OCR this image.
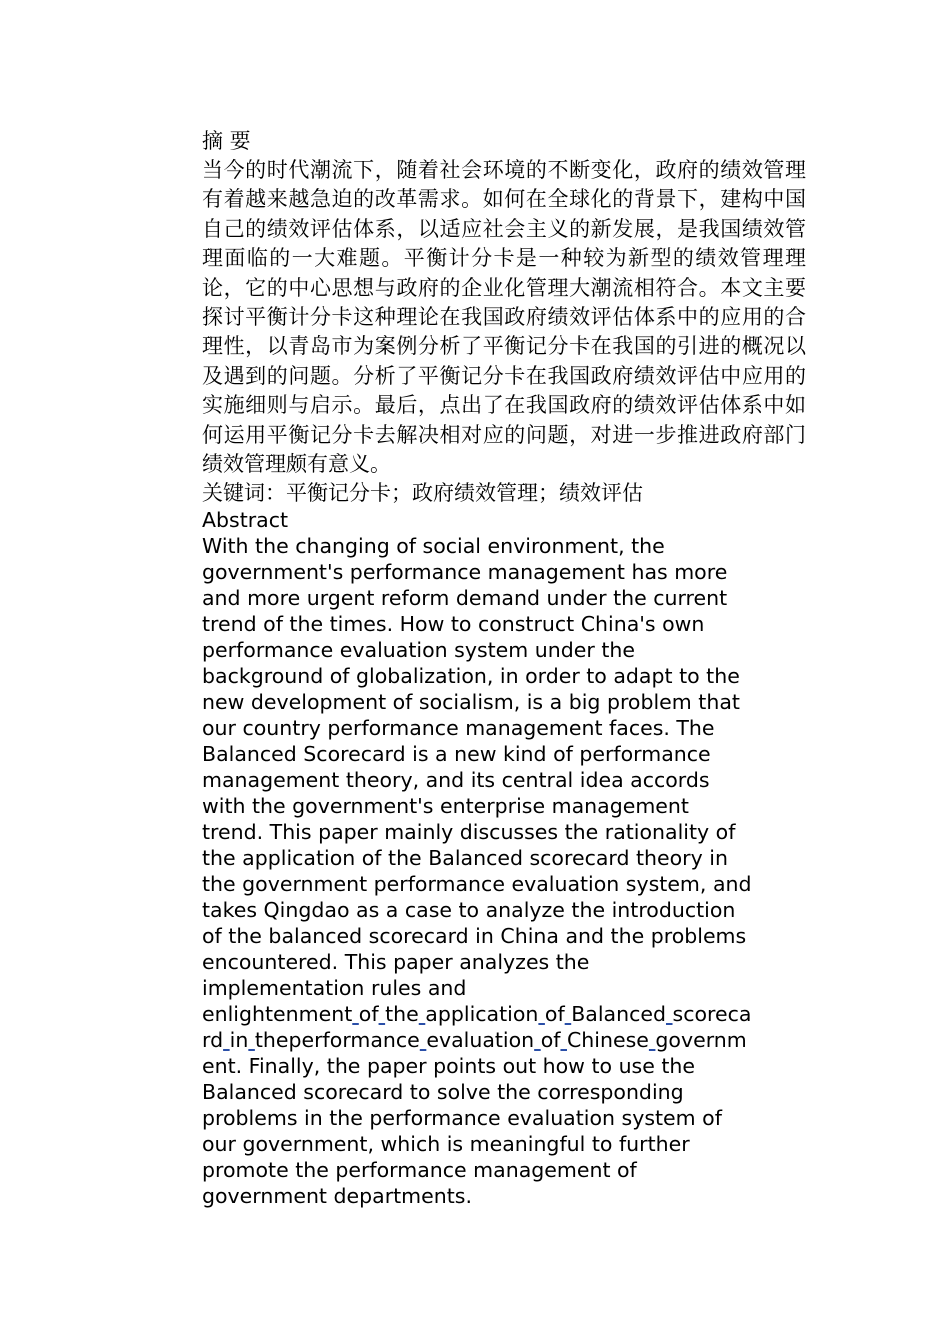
摘 要

当今的时代潮流下，随着社会环境的不断变化，政府的绩效管理有着越来越急迫的改革需求。如何在全球化的背景下，建构中国自己的绩效评估体系，以适应社会主义的新发展，是我国绩效管理面临的一大难题。平衡计分卡是一种较为新型的绩效管理理论，它的中心思想与政府的企业化管理大潮流相符合。本文主要探讨平衡计分卡这种理论在我国政府绩效评估体系中的应用的合理性，以青岛市为案例分析了平衡记分卡在我国的引进的概况以及遇到的问题。分析了平衡记分卡在我国政府绩效评估中应用的实施细则与启示。最后，点出了在我国政府的绩效评估体系中如何运用平衡记分卡去解决相对应的问题，对进一步推进政府部门绩效管理颇有意义。

关键词：平衡记分卡；政府绩效管理；绩效评估

Abstract

With the changing of social environment, the
government's performance management has more
and more urgent reform demand under the current
trend of the times. How to construct China's own
performance evaluation system under the
background of globalization, in order to adapt to the
new development of socialism, is a big problem that
our country performance management faces. The
Balanced Scorecard is a new kind of performance
management theory, and its central idea accords
with the government's enterprise management
trend. This paper mainly discusses the rationality of
the application of the Balanced scorecard theory in
the government performance evaluation system, and
takes Qingdao as a case to analyze the introduction
of the balanced scorecard in China and the problems
encountered. This paper analyzes the
implementation rules and
enlightenment of the application of Balanced scoreca
rd in theperformance evaluation of Chinese governm
ent. Finally, the paper points out how to use the
Balanced scorecard to solve the corresponding
problems in the performance evaluation system of
our government, which is meaningful to further
promote the performance management of
government departments.
